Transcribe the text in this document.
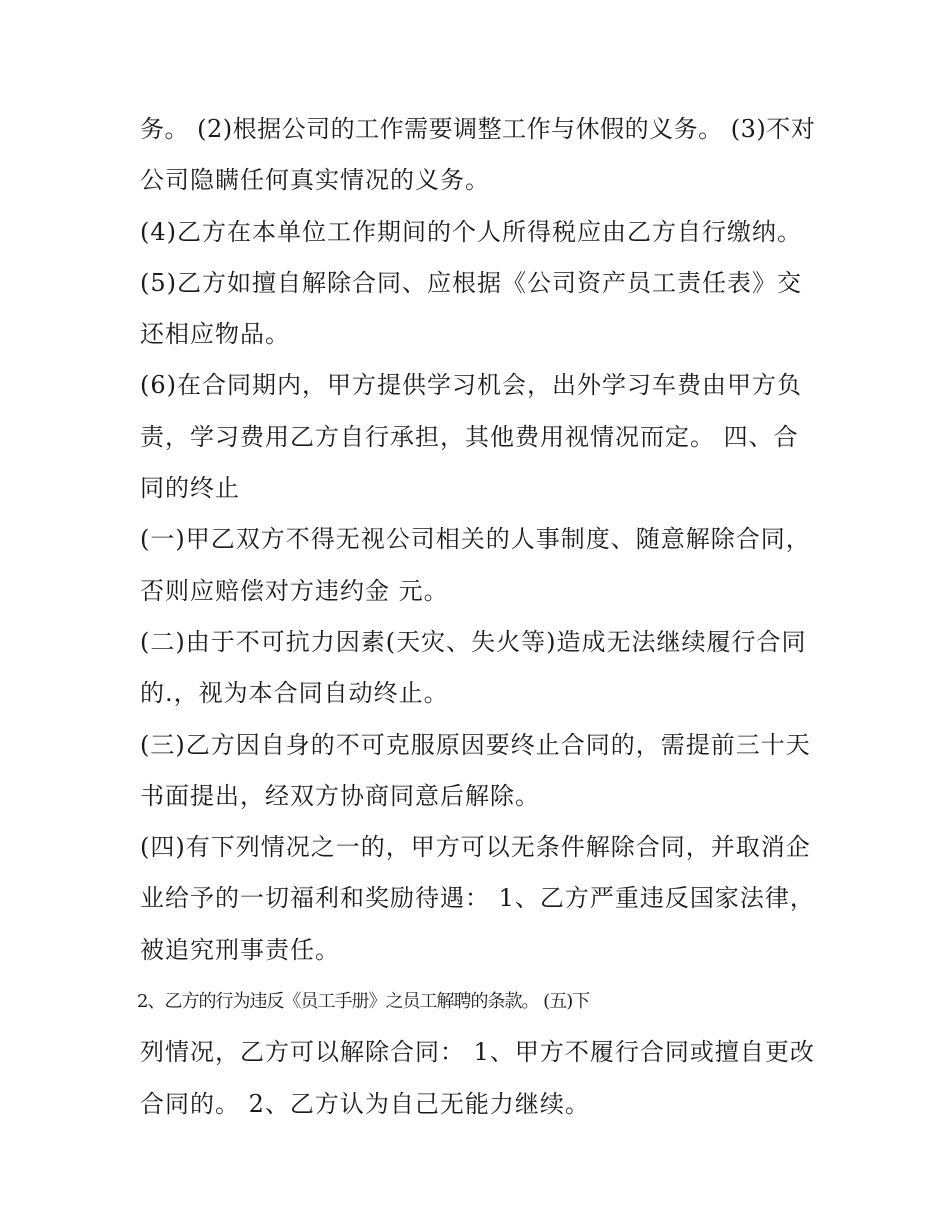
务。 (2)根据公司的工作需要调整工作与休假的义务。 (3)不对
公司隐瞒任何真实情况的义务。
(4)乙方在本单位工作期间的个人所得税应由乙方自行缴纳。
(5)乙方如擅自解除合同、应根据《公司资产员工责任表》交
还相应物品。
(6)在合同期内，甲方提供学习机会，出外学习车费由甲方负
责，学习费用乙方自行承担，其他费用视情况而定。 四、合
同的终止
(一)甲乙双方不得无视公司相关的人事制度、随意解除合同，
否则应赔偿对方违约金 元。
(二)由于不可抗力因素(天灾、失火等)造成无法继续履行合同
的.，视为本合同自动终止。
(三)乙方因自身的不可克服原因要终止合同的，需提前三十天
书面提出，经双方协商同意后解除。
(四)有下列情况之一的，甲方可以无条件解除合同，并取消企
业给予的一切福利和奖励待遇： 1、乙方严重违反国家法律，
被追究刑事责任。
2、乙方的行为违反《员工手册》之员工解聘的条款。 (五)下
列情况，乙方可以解除合同： 1、甲方不履行合同或擅自更改
合同的。 2、乙方认为自己无能力继续。
